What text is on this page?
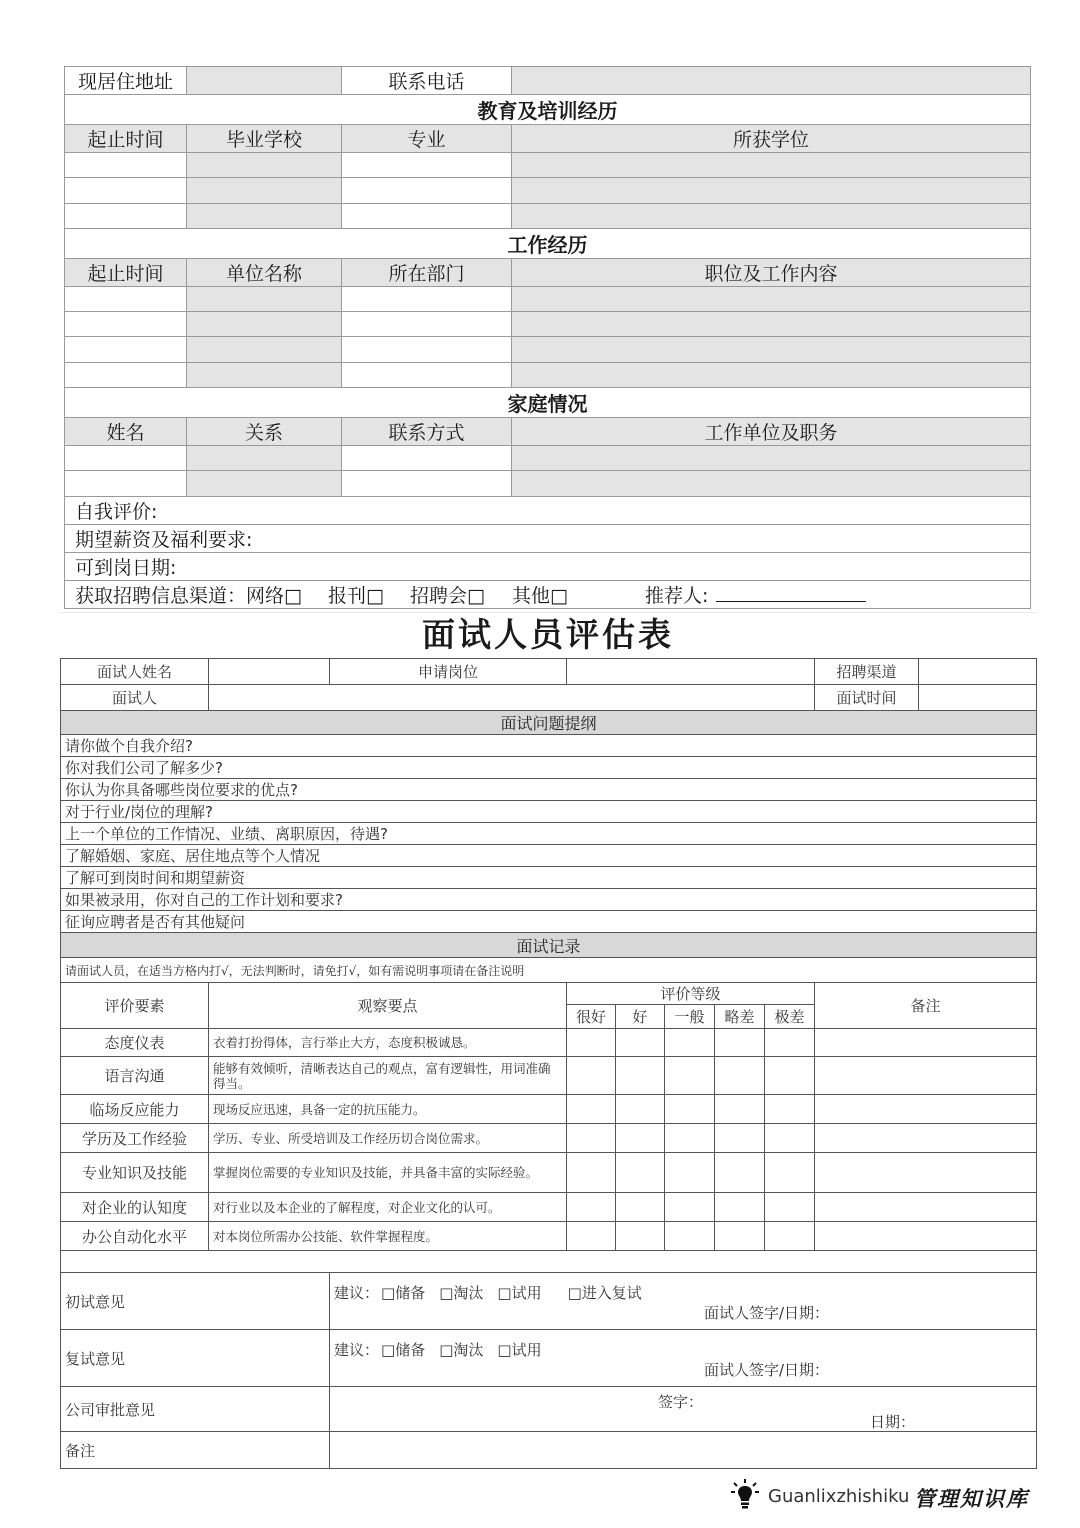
现居住地址		联系电话	
教育及培训经历			
起止时间	毕业学校	专业	所获学位

工作经历			
起止时间	单位名称	所在部门	职位及工作内容

家庭情况			
姓名	关系	联系方式	工作单位及职务

自我评价:			
期望薪资及福利要求:			
可到岗日期:			
获取招聘信息渠道：网络□ 报刊□ 招聘会□ 其他□ 推荐人:			
面试人员评估表
面试人姓名		申请岗位						招聘渠道	
面试人								面试时间	
面试问题提纲									
请你做个自我介绍?									
你对我们公司了解多少?									
你认为你具备哪些岗位要求的优点?									
对于行业/岗位的理解?									
上一个单位的工作情况、业绩、离职原因，待遇?									
了解婚姻、家庭、居住地点等个人情况									
了解可到岗时间和期望薪资									
如果被录用，你对自己的工作计划和要求?									
征询应聘者是否有其他疑问									
面试记录									
请面试人员，在适当方格内打√，无法判断时，请免打√，如有需说明事项请在备注说明									
评价要素	观察要点		评价等级					备注	
			很好	好	一般	略差	极差		
态度仪表	衣着打扮得体，言行举止大方，态度积极诚恳。								
语言沟通	能够有效倾听，清晰表达自己的观点，富有逻辑性，用词准确得当。								
临场反应能力	现场反应迅速，具备一定的抗压能力。								
学历及工作经验	学历、专业、所受培训及工作经历切合岗位需求。								
专业知识及技能	掌握岗位需要的专业知识及技能，并具备丰富的实际经验。								
对企业的认知度	对行业以及本企业的了解程度，对企业文化的认可。								
办公自动化水平	对本岗位所需办公技能、软件掌握程度。								

初试意见		建议： □储备 □淘汰 □试用 □进入复试
面试人签字/日期：							

复试意见		建议： □储备 □淘汰 □试用
面试人签字/日期：							

公司审批意见		签字：
日期：							

备注									
Guanlixzhishiku 管理知识库
